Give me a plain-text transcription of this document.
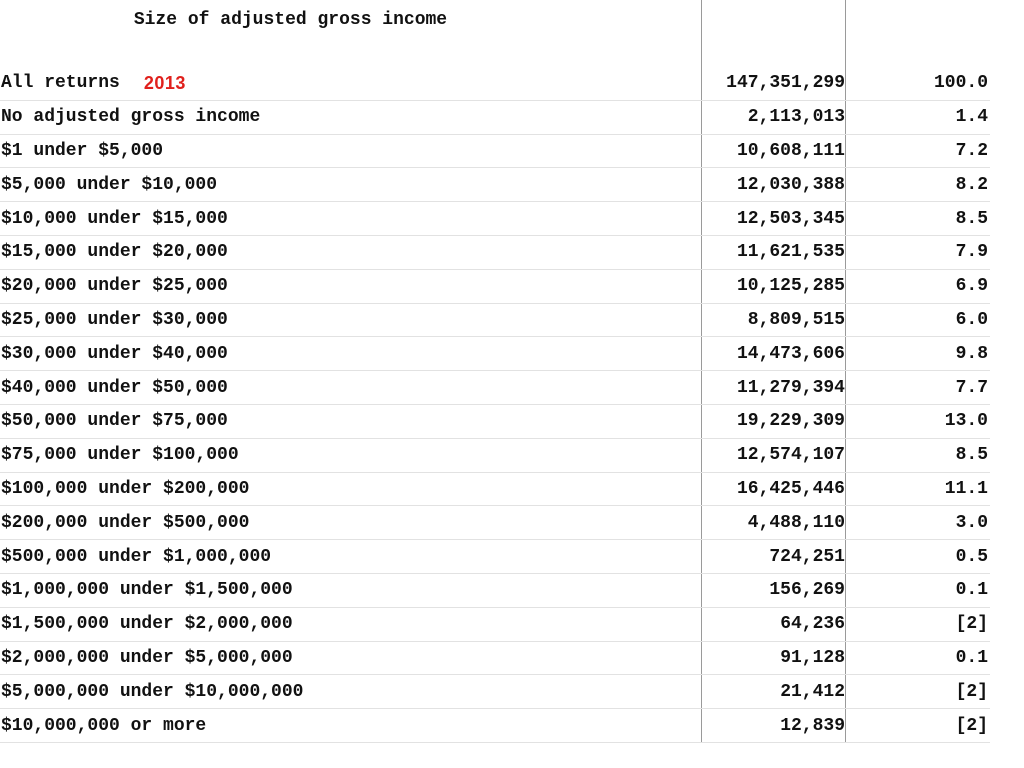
Size of adjusted gross income
All returns 2013	147,351,299	100.0
No adjusted gross income	2,113,013	1.4
$1 under $5,000	10,608,111	7.2
$5,000 under $10,000	12,030,388	8.2
$10,000 under $15,000	12,503,345	8.5
$15,000 under $20,000	11,621,535	7.9
$20,000 under $25,000	10,125,285	6.9
$25,000 under $30,000	8,809,515	6.0
$30,000 under $40,000	14,473,606	9.8
$40,000 under $50,000	11,279,394	7.7
$50,000 under $75,000	19,229,309	13.0
$75,000 under $100,000	12,574,107	8.5
$100,000 under $200,000	16,425,446	11.1
$200,000 under $500,000	4,488,110	3.0
$500,000 under $1,000,000	724,251	0.5
$1,000,000 under $1,500,000	156,269	0.1
$1,500,000 under $2,000,000	64,236	[2]
$2,000,000 under $5,000,000	91,128	0.1
$5,000,000 under $10,000,000	21,412	[2]
$10,000,000 or more	12,839	[2]
